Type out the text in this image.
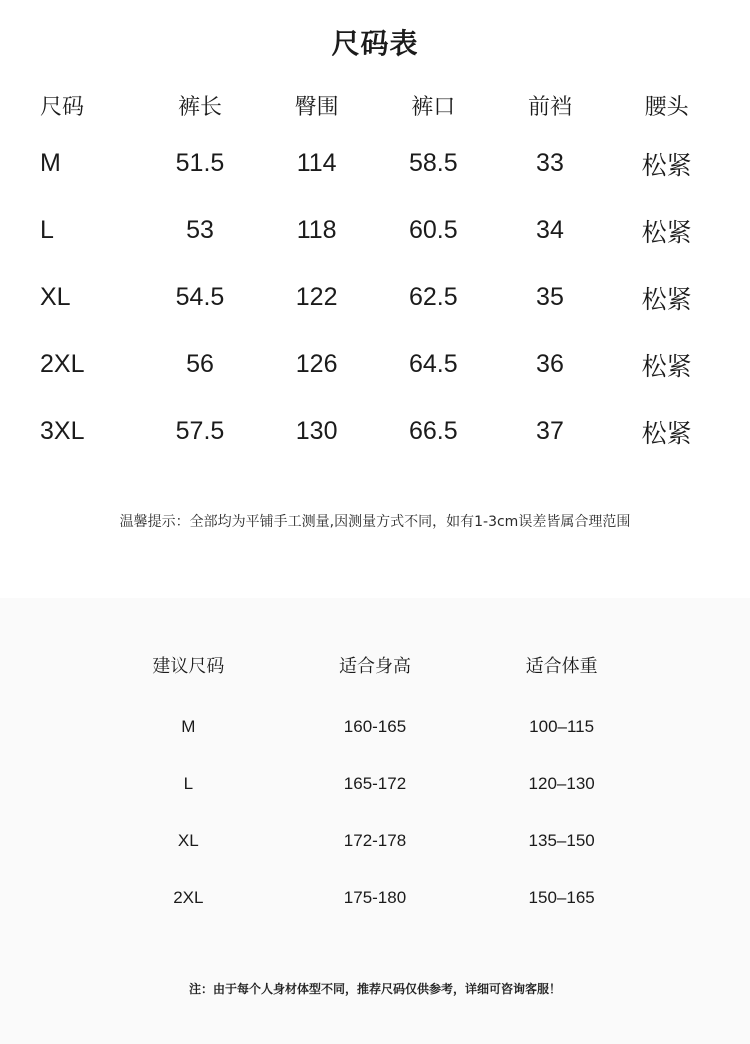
尺码表
尺码	裤长	臀围	裤口	前裆	腰头
M	51.5	114	58.5	33	松紧
L	53	118	60.5	34	松紧
XL	54.5	122	62.5	35	松紧
2XL	56	126	64.5	36	松紧
3XL	57.5	130	66.5	37	松紧
温馨提示：全部均为平铺手工测量,因测量方式不同，如有1-3cm误差皆属合理范围
建议尺码	适合身高	适合体重
M	160-165	100–115
L	165-172	120–130
XL	172-178	135–150
2XL	175-180	150–165
注：由于每个人身材体型不同，推荐尺码仅供参考，详细可咨询客服！
